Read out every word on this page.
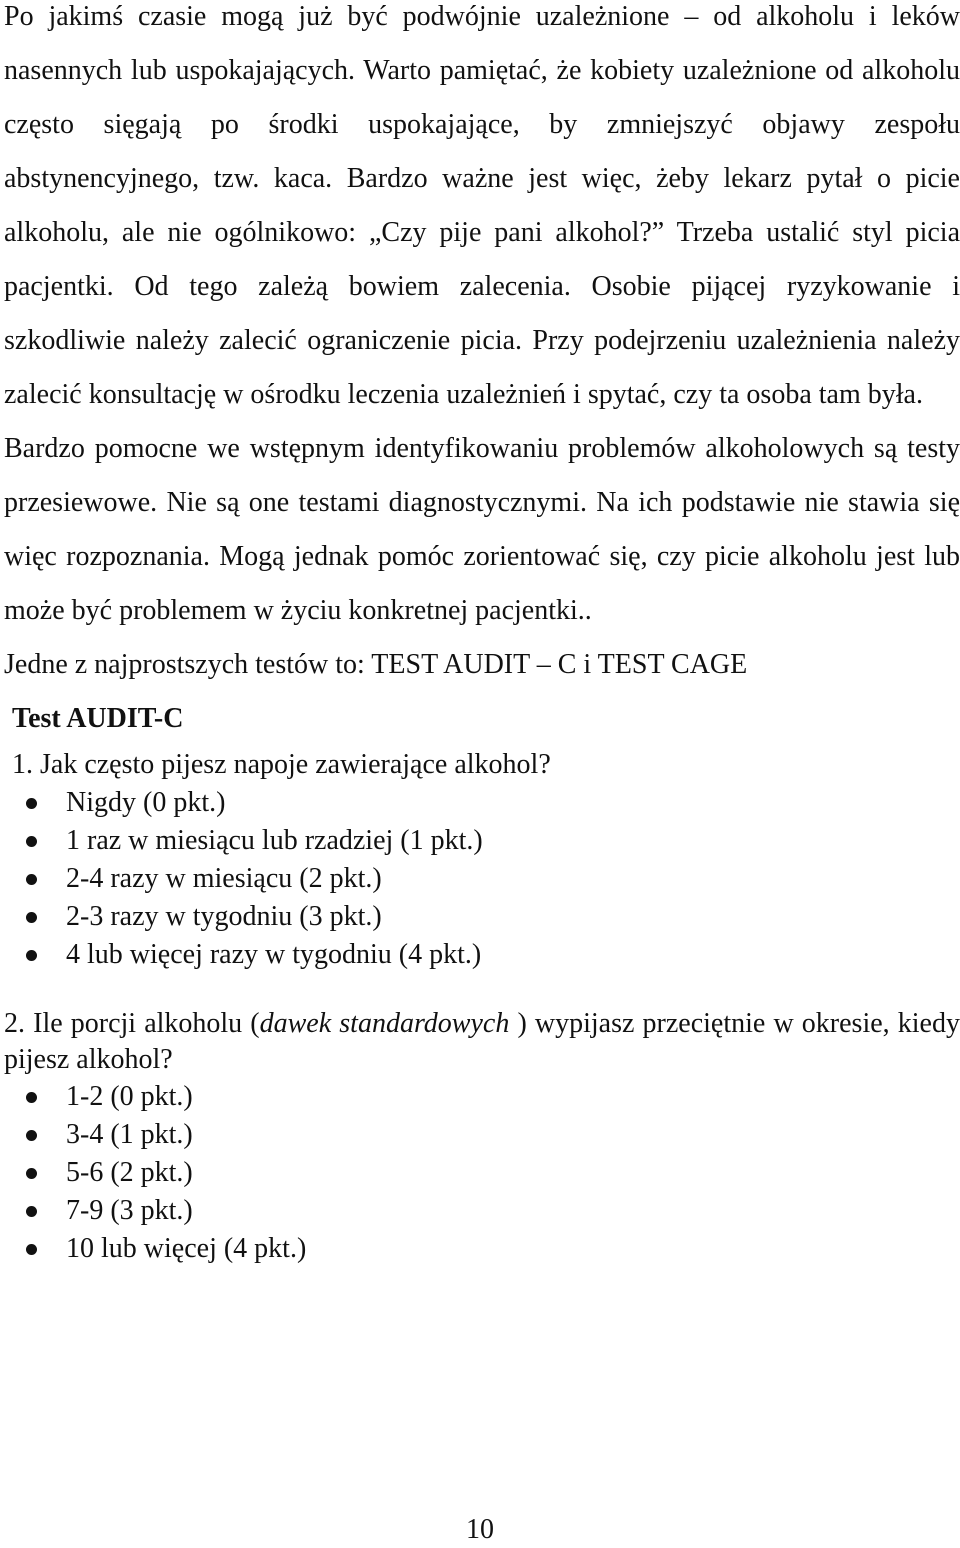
Po jakimś czasie mogą już być podwójnie uzależnione – od alkoholu i leków nasennych lub uspokajających. Warto pamiętać, że kobiety uzależnione od alkoholu często sięgają po środki uspokajające, by zmniejszyć objawy zespołu abstynencyjnego, tzw. kaca. Bardzo ważne jest więc, żeby lekarz pytał o picie alkoholu, ale nie ogólnikowo: „Czy pije pani alkohol?” Trzeba ustalić styl picia pacjentki. Od tego zależą bowiem zalecenia. Osobie pijącej ryzykowanie i szkodliwie należy zalecić ograniczenie picia. Przy podejrzeniu uzależnienia należy zalecić konsultację w ośrodku leczenia uzależnień i spytać, czy ta osoba tam była.

Bardzo pomocne we wstępnym identyfikowaniu problemów alkoholowych są testy przesiewowe. Nie są one testami diagnostycznymi. Na ich podstawie nie stawia się więc rozpoznania. Mogą jednak pomóc zorientować się, czy picie alkoholu jest lub może być problemem w życiu konkretnej pacjentki..

Jedne z najprostszych testów to: TEST AUDIT – C i TEST CAGE

Test AUDIT-C

1. Jak często pijesz napoje zawierające alkohol?

Nigdy (0 pkt.)
1 raz w miesiącu lub rzadziej (1 pkt.)
2-4 razy w miesiącu (2 pkt.)
2-3 razy w tygodniu (3 pkt.)
4 lub więcej razy w tygodniu (4 pkt.)

2. Ile porcji alkoholu (dawek standardowych ) wypijasz przeciętnie w okresie, kiedy pijesz alkohol?

1-2 (0 pkt.)
3-4 (1 pkt.)
5-6 (2 pkt.)
7-9 (3 pkt.)
10 lub więcej (4 pkt.)
10
